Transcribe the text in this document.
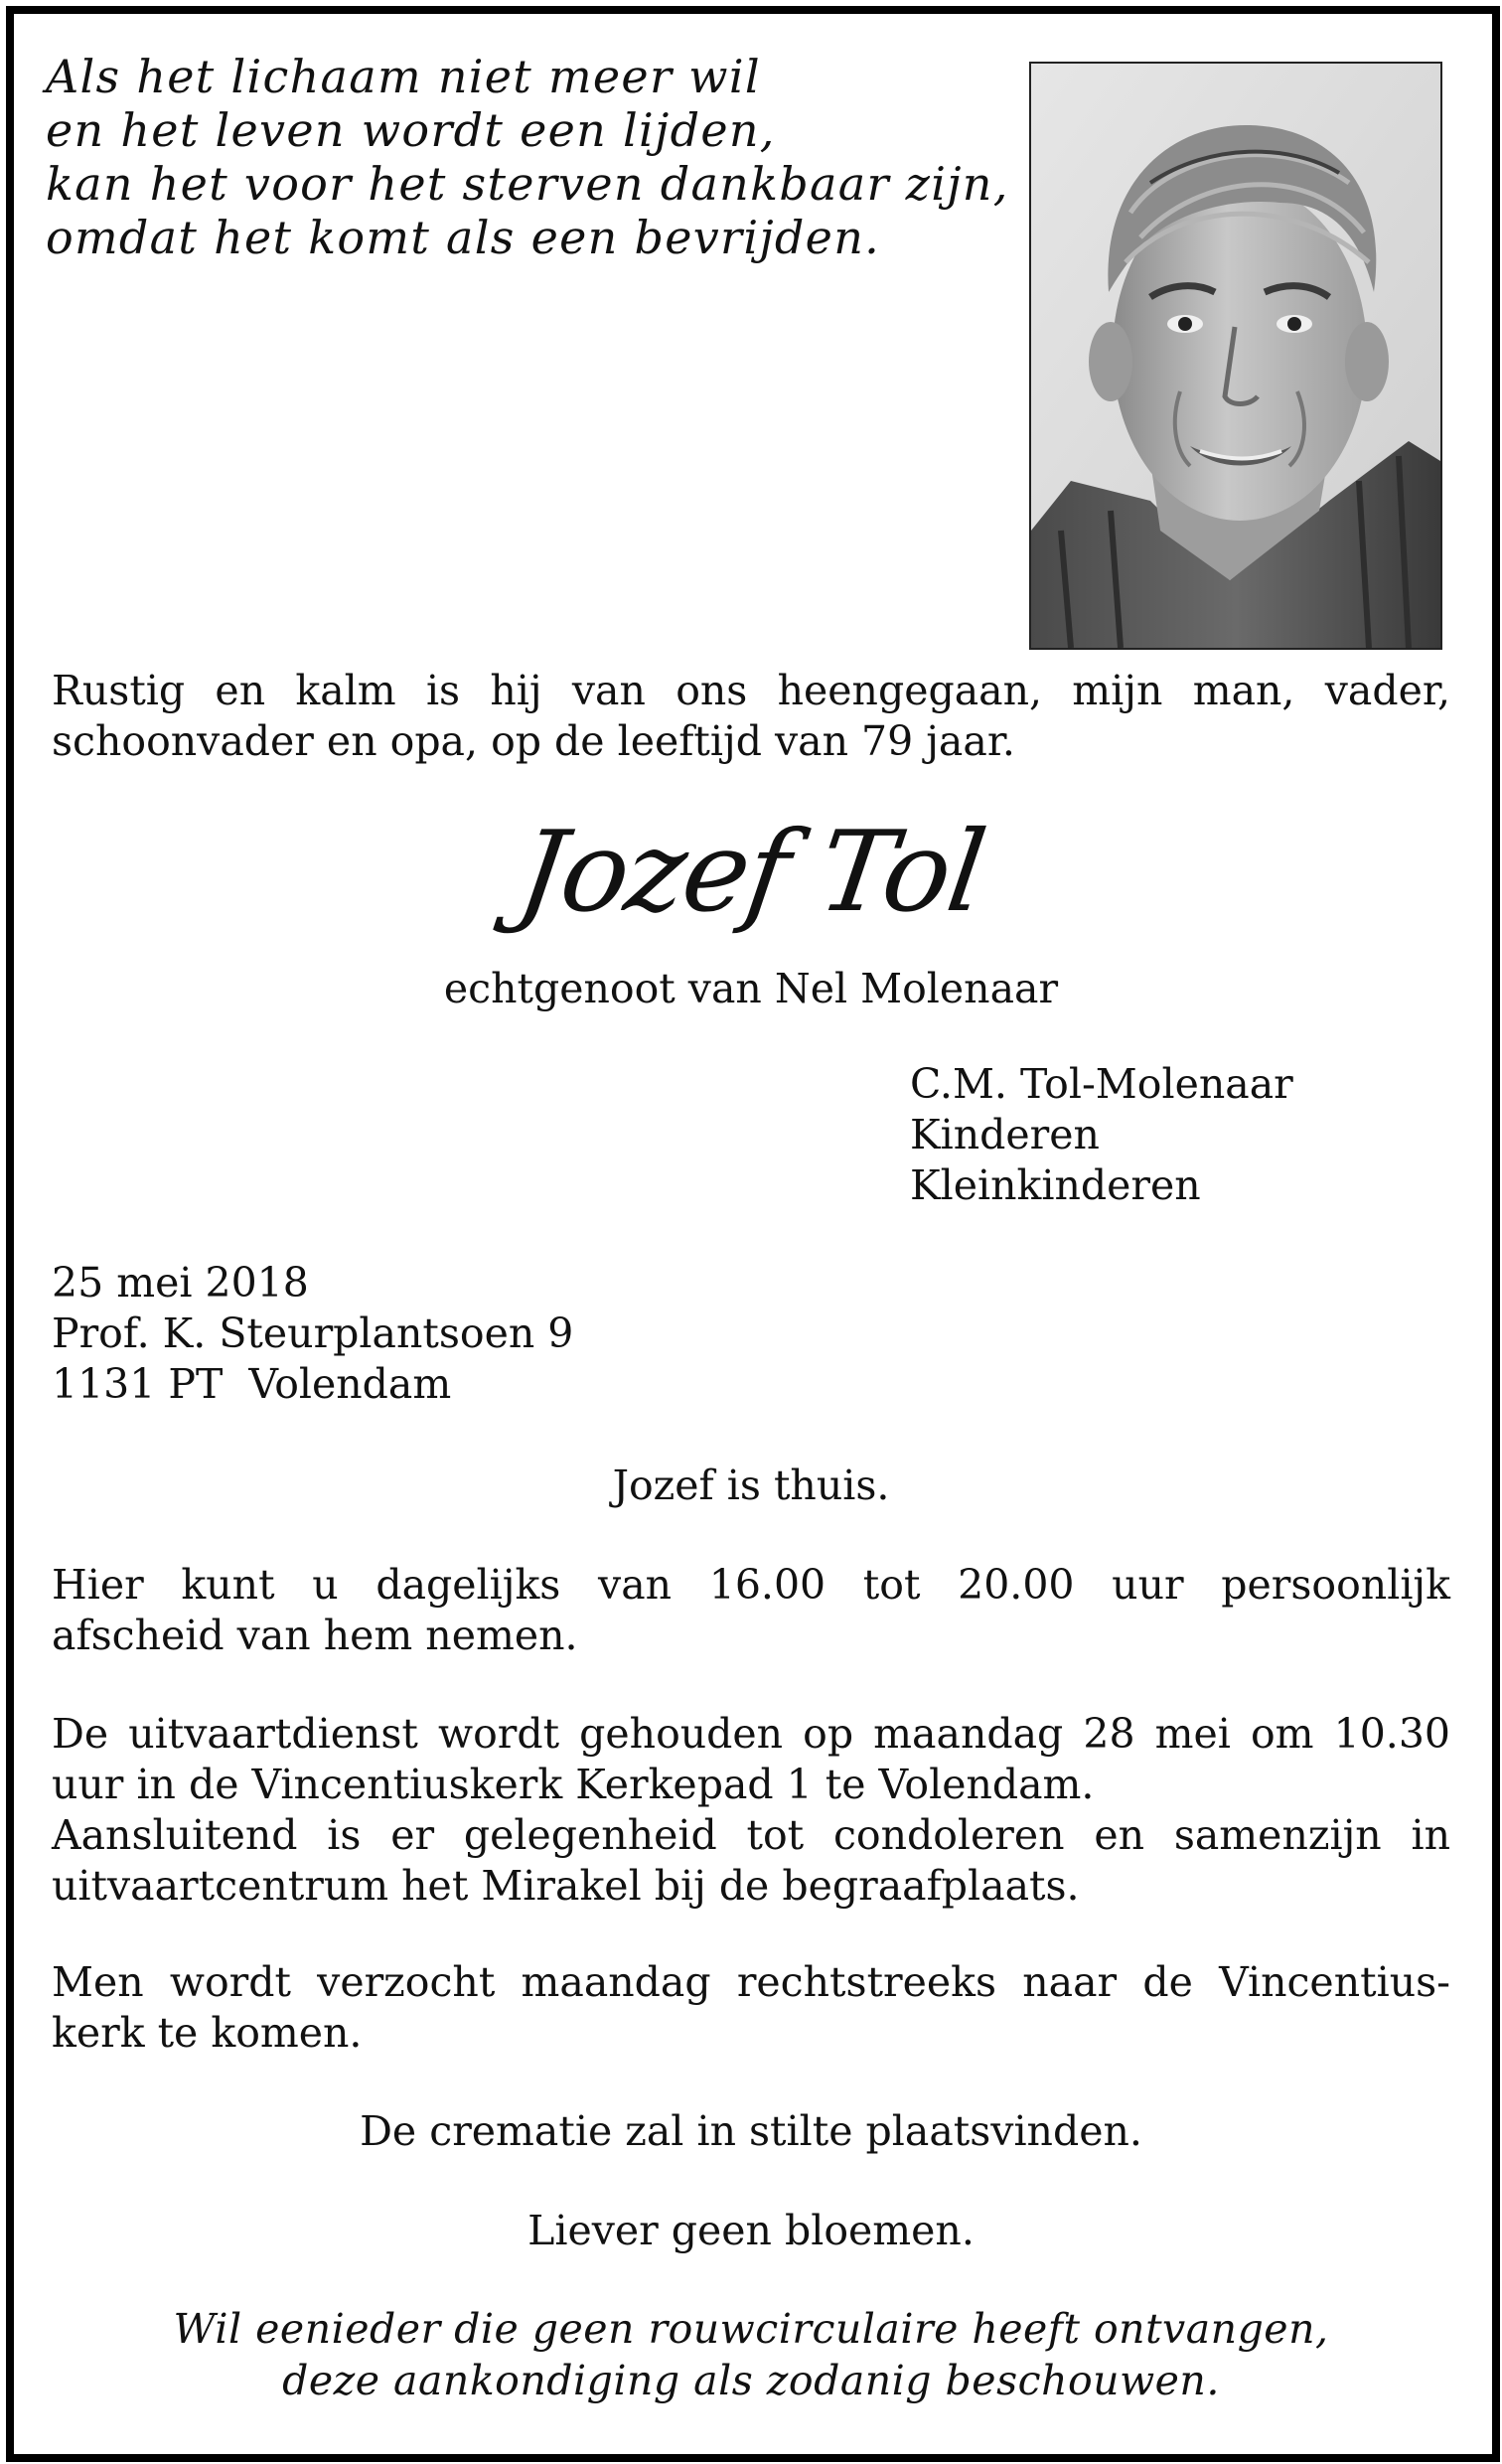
Als het lichaam niet meer wil
en het leven wordt een lijden,
kan het voor het sterven dankbaar zijn,
omdat het komt als een bevrijden.
Rustig en kalm is hij van ons heengegaan, mijn man, vader,
schoonvader en opa, op de leeftijd van 79 jaar.
Jozef Tol
echtgenoot van Nel Molenaar
C.M. Tol-Molenaar
Kinderen
Kleinkinderen
25 mei 2018
Prof. K. Steurplantsoen 9
1131 PT  Volendam
Jozef is thuis.
Hier kunt u dagelijks van 16.00 tot 20.00 uur persoonlijk
afscheid van hem nemen.
De uitvaartdienst wordt gehouden op maandag 28 mei om 10.30
uur in de Vincentiuskerk Kerkepad 1 te Volendam.
Aansluitend is er gelegenheid tot condoleren en samenzijn in
uitvaartcentrum het Mirakel bij de begraafplaats.
Men wordt verzocht maandag rechtstreeks naar de Vincentius-
kerk te komen.
De crematie zal in stilte plaatsvinden.
Liever geen bloemen.
Wil eenieder die geen rouwcirculaire heeft ontvangen,
deze aankondiging als zodanig beschouwen.
